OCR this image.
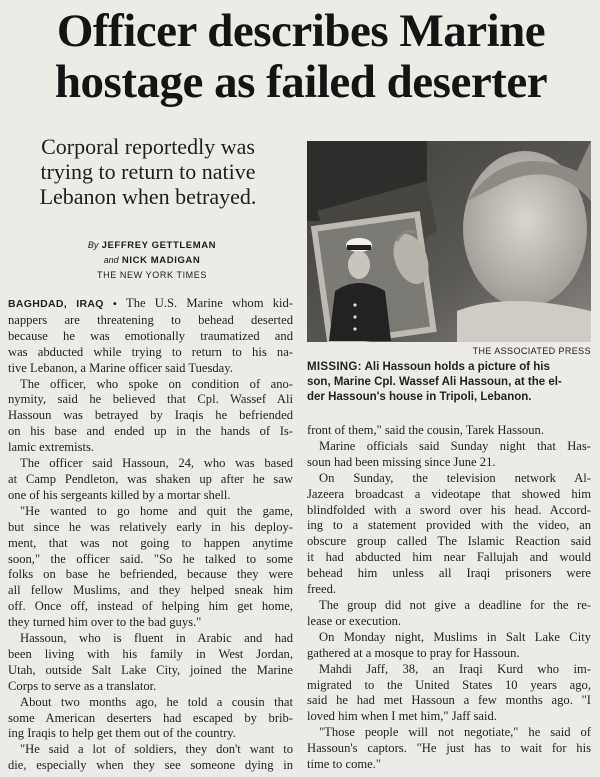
Officer describes Marine
hostage as failed deserter
Corporal reportedly was
trying to return to native
Lebanon when betrayed.
By JEFFREY GETTLEMAN
and NICK MADIGAN
THE NEW YORK TIMES
THE ASSOCIATED PRESS
MISSING: Ali Hassoun holds a picture of his
son, Marine Cpl. Wassef Ali Hassoun, at the el-
der Hassoun's house in Tripoli, Lebanon.
BAGHDAD, IRAQ • The U.S. Marine whom kid-
nappers are threatening to behead deserted
because he was emotionally traumatized and
was abducted while trying to return to his na-
tive Lebanon, a Marine officer said Tuesday.
The officer, who spoke on condition of ano-
nymity, said he believed that Cpl. Wassef Ali
Hassoun was betrayed by Iraqis he befriended
on his base and ended up in the hands of Is-
lamic extremists.
The officer said Hassoun, 24, who was based
at Camp Pendleton, was shaken up after he saw
one of his sergeants killed by a mortar shell.
"He wanted to go home and quit the game,
but since he was relatively early in his deploy-
ment, that was not going to happen anytime
soon," the officer said. "So he talked to some
folks on base he befriended, because they were
all fellow Muslims, and they helped sneak him
off. Once off, instead of helping him get home,
they turned him over to the bad guys."
Hassoun, who is fluent in Arabic and had
been living with his family in West Jordan,
Utah, outside Salt Lake City, joined the Marine
Corps to serve as a translator.
About two months ago, he told a cousin that
some American deserters had escaped by brib-
ing Iraqis to help get them out of the country.
"He said a lot of soldiers, they don't want to
die, especially when they see someone dying in
front of them," said the cousin, Tarek Hassoun.
Marine officials said Sunday night that Has-
soun had been missing since June 21.
On Sunday, the television network Al-
Jazeera broadcast a videotape that showed him
blindfolded with a sword over his head. Accord-
ing to a statement provided with the video, an
obscure group called The Islamic Reaction said
it had abducted him near Fallujah and would
behead him unless all Iraqi prisoners were
freed.
The group did not give a deadline for the re-
lease or execution.
On Monday night, Muslims in Salt Lake City
gathered at a mosque to pray for Hassoun.
Mahdi Jaff, 38, an Iraqi Kurd who im-
migrated to the United States 10 years ago,
said he had met Hassoun a few months ago. "I
loved him when I met him," Jaff said.
"Those people will not negotiate," he said of
Hassoun's captors. "He just has to wait for his
time to come."
